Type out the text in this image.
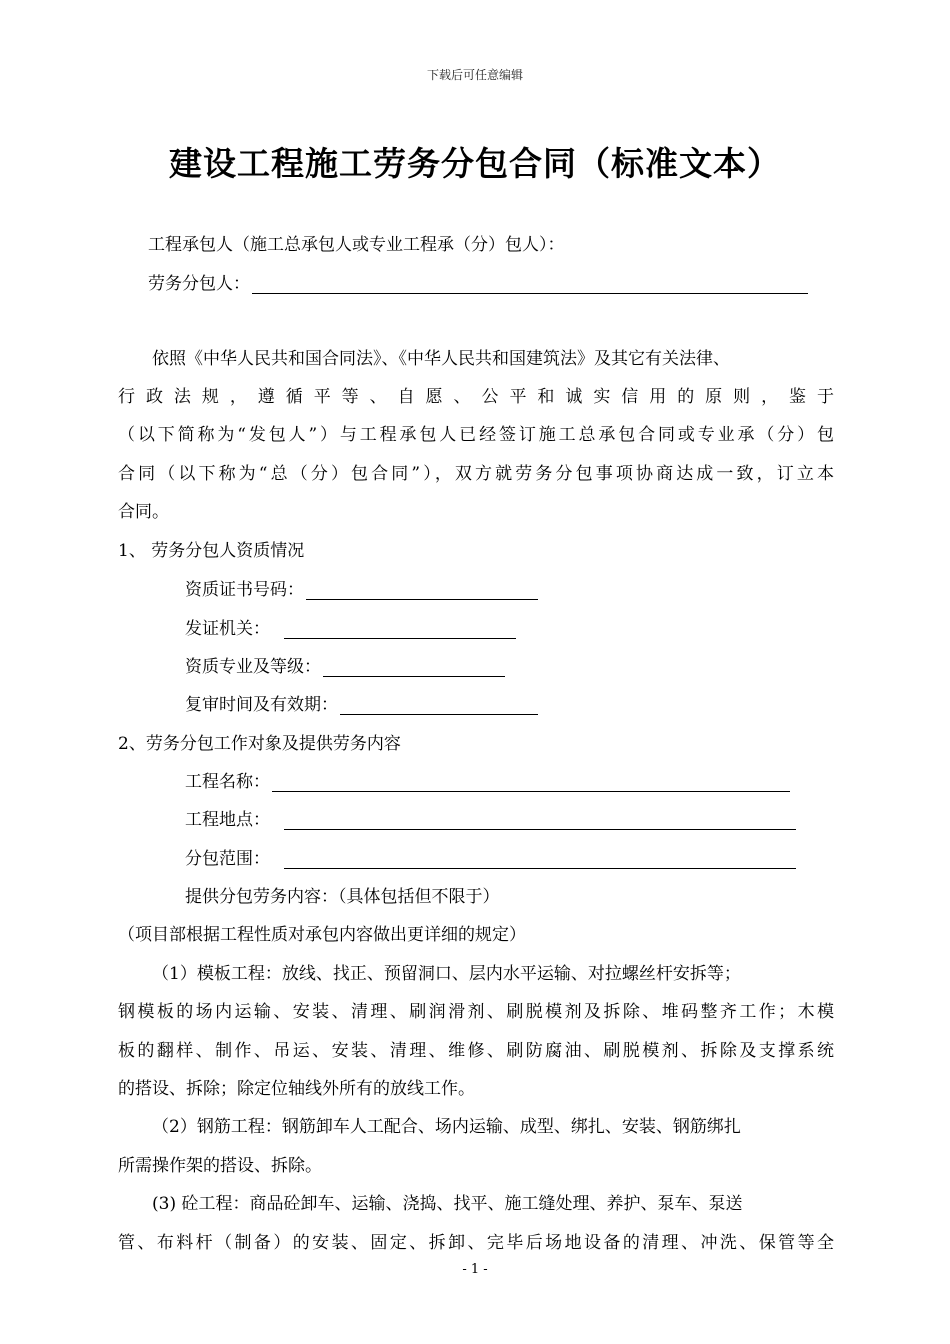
下载后可任意编辑
建设工程施工劳务分包合同（标准文本）
工程承包人（施工总承包人或专业工程承（分）包人）：
劳务分包人：
依照《中华人民共和国合同法》、《中华人民共和国建筑法》及其它有关法律、
行政法规，遵循平等、自愿、公平和诚实信用的原则，鉴于
（以下简称为“发包人”）与工程承包人已经签订施工总承包合同或专业承（分）包
合同（以下称为“总（分）包合同”），双方就劳务分包事项协商达成一致，订立本
合同。
1、 劳务分包人资质情况
资质证书号码：
发证机关：
资质专业及等级：
复审时间及有效期：
2、劳务分包工作对象及提供劳务内容
工程名称：
工程地点：
分包范围：
提供分包劳务内容：（具体包括但不限于）
（项目部根据工程性质对承包内容做出更详细的规定）
（1）模板工程：放线、找正、预留洞口、层内水平运输、对拉螺丝杆安拆等；
钢模板的场内运输、安装、清理、刷润滑剂、刷脱模剂及拆除、堆码整齐工作；木模
板的翻样、制作、吊运、安装、清理、维修、刷防腐油、刷脱模剂、拆除及支撑系统
的搭设、拆除；除定位轴线外所有的放线工作。
（2）钢筋工程：钢筋卸车人工配合、场内运输、成型、绑扎、安装、钢筋绑扎
所需操作架的搭设、拆除。
(3) 砼工程：商品砼卸车、运输、浇捣、找平、施工缝处理、养护、泵车、泵送
管、布料杆（制备）的安装、固定、拆卸、完毕后场地设备的清理、冲洗、保管等全
- 1 -
